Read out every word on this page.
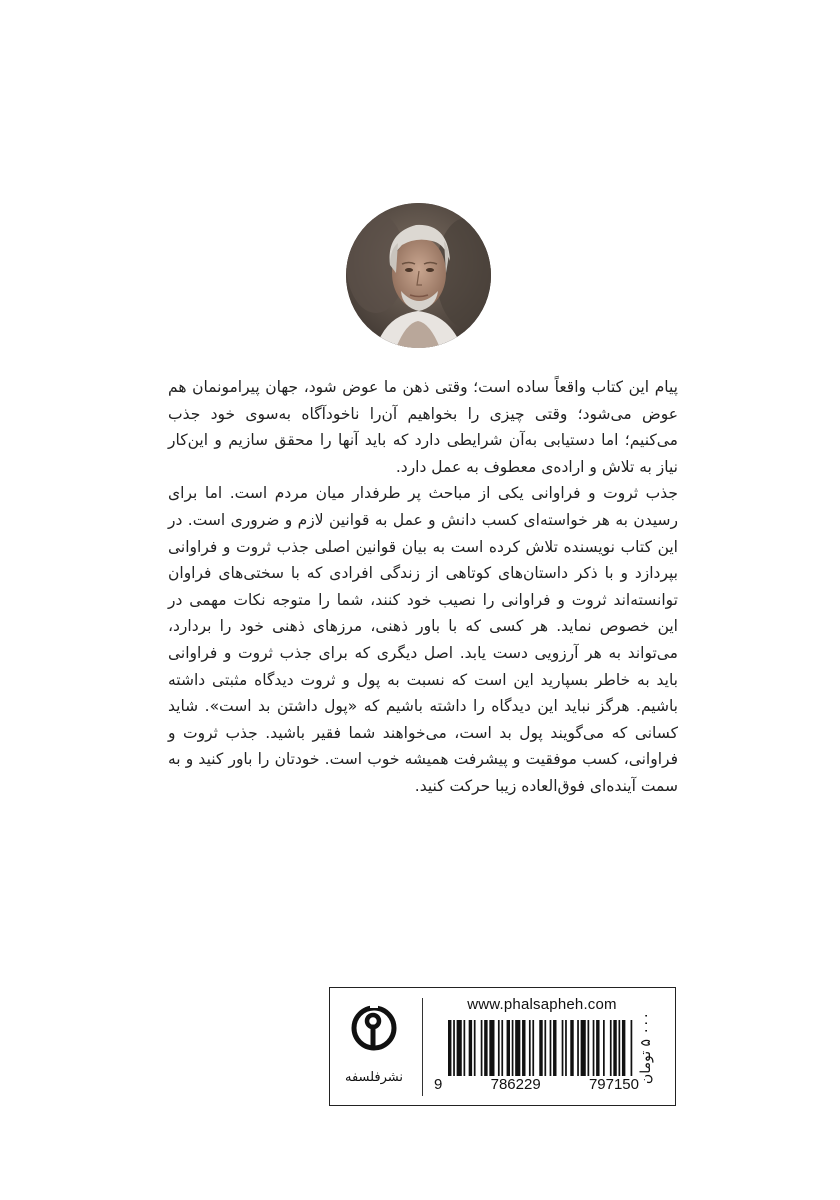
پیام این کتاب واقعاً ساده است؛ وقتی ذهن ما عوض شود، جهان پیرامونمان هم عوض می‌شود؛ وقتی چیزی را بخواهیم آن‌را ناخودآگاه به‌سوی خود جذب می‌کنیم؛ اما دستیابی به‌آن شرایطی دارد که باید آنها را محقق سازیم و این‌کار نیاز به تلاش و اراده‌ی معطوف به عمل دارد.

جذب ثروت و فراوانی یکی از مباحث پر طرفدار میان مردم است. اما برای رسیدن به هر خواسته‌ای کسب دانش و عمل به قوانین لازم و ضروری است. در این کتاب نویسنده تلاش کرده است به بیان قوانین اصلی جذب ثروت و فراوانی بپردازد و با ذکر داستان‌های کوتاهی از زندگی افرادی که با سختی‌های فراوان توانسته‌اند ثروت و فراوانی را نصیب خود کنند، شما را متوجه نکات مهمی در این خصوص نماید. هر کسی که با باور ذهنی، مرزهای ذهنی خود را بردارد، می‌تواند به هر آرزویی دست یابد. اصل دیگری که برای جذب ثروت و فراوانی باید به خاطر بسپارید این است که نسبت به پول و ثروت دیدگاه مثبتی داشته باشیم. هرگز نباید این دیدگاه را داشته باشیم که «پول داشتن بد است». شاید کسانی که می‌گویند پول بد است، می‌خواهند شما فقیر باشید. جذب ثروت و فراوانی، کسب موفقیت و پیشرفت همیشه خوب است. خودتان را باور کنید و به سمت آینده‌ای فوق‌العاده زیبا حرکت کنید.

نشرفلسفه
www.phalsapheh.com
9	786229	797150
۰۰۰ ۵ تومان
